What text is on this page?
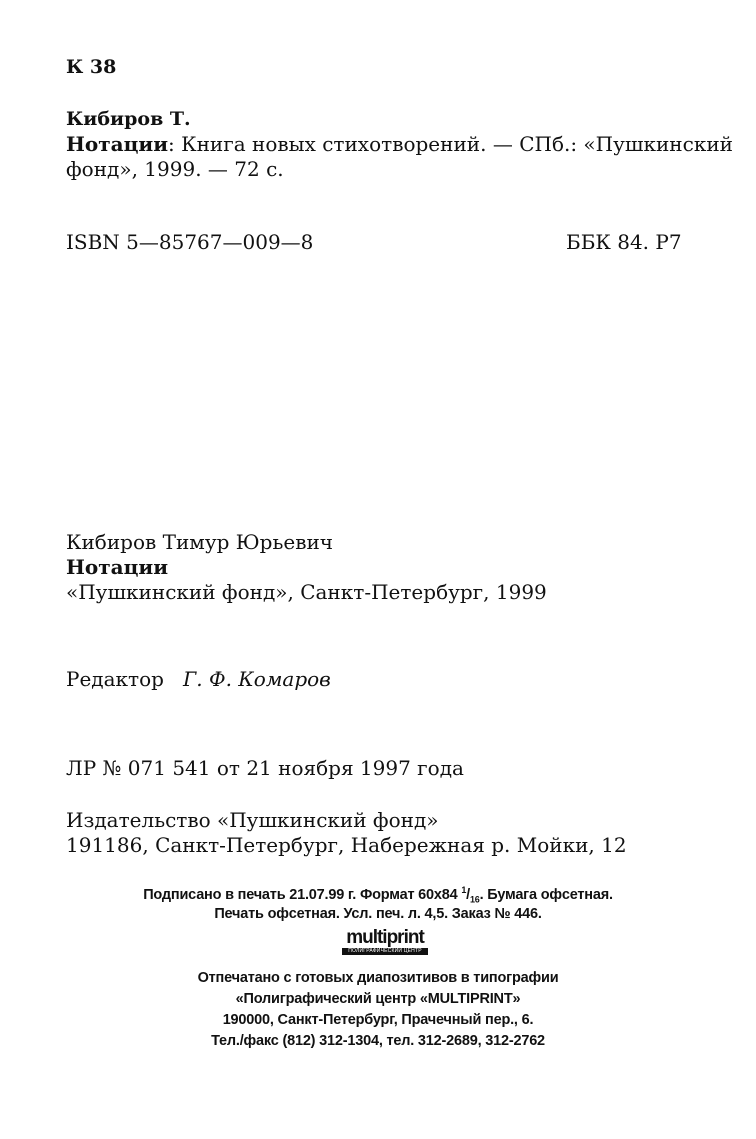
К 38
Кибиров Т.
Нотации: Книга новых стихотворений. — СПб.: «Пушкинский
фонд», 1999. — 72 с.
ISBN 5—85767—009—8	ББК 84. Р7
Кибиров Тимур Юрьевич
Нотации
«Пушкинский фонд», Санкт-Петербург, 1999
Редактор Г. Ф. Комаров
ЛР № 071 541 от 21 ноября 1997 года
Издательство «Пушкинский фонд»
191186, Санкт-Петербург, Набережная р. Мойки, 12
Подписано в печать 21.07.99 г. Формат 60х84 $^1/_{16}$. Бумага офсетная.
Печать офсетная. Усл. печ. л. 4,5. Заказ № 446.
multiprint
ПОЛИГРАФИЧЕСКИЙ ЦЕНТР
Отпечатано с готовых диапозитивов в типографии
«Полиграфический центр «MULTIPRINT»
190000, Санкт-Петербург, Прачечный пер., 6.
Тел./факс (812) 312-1304, тел. 312-2689, 312-2762
